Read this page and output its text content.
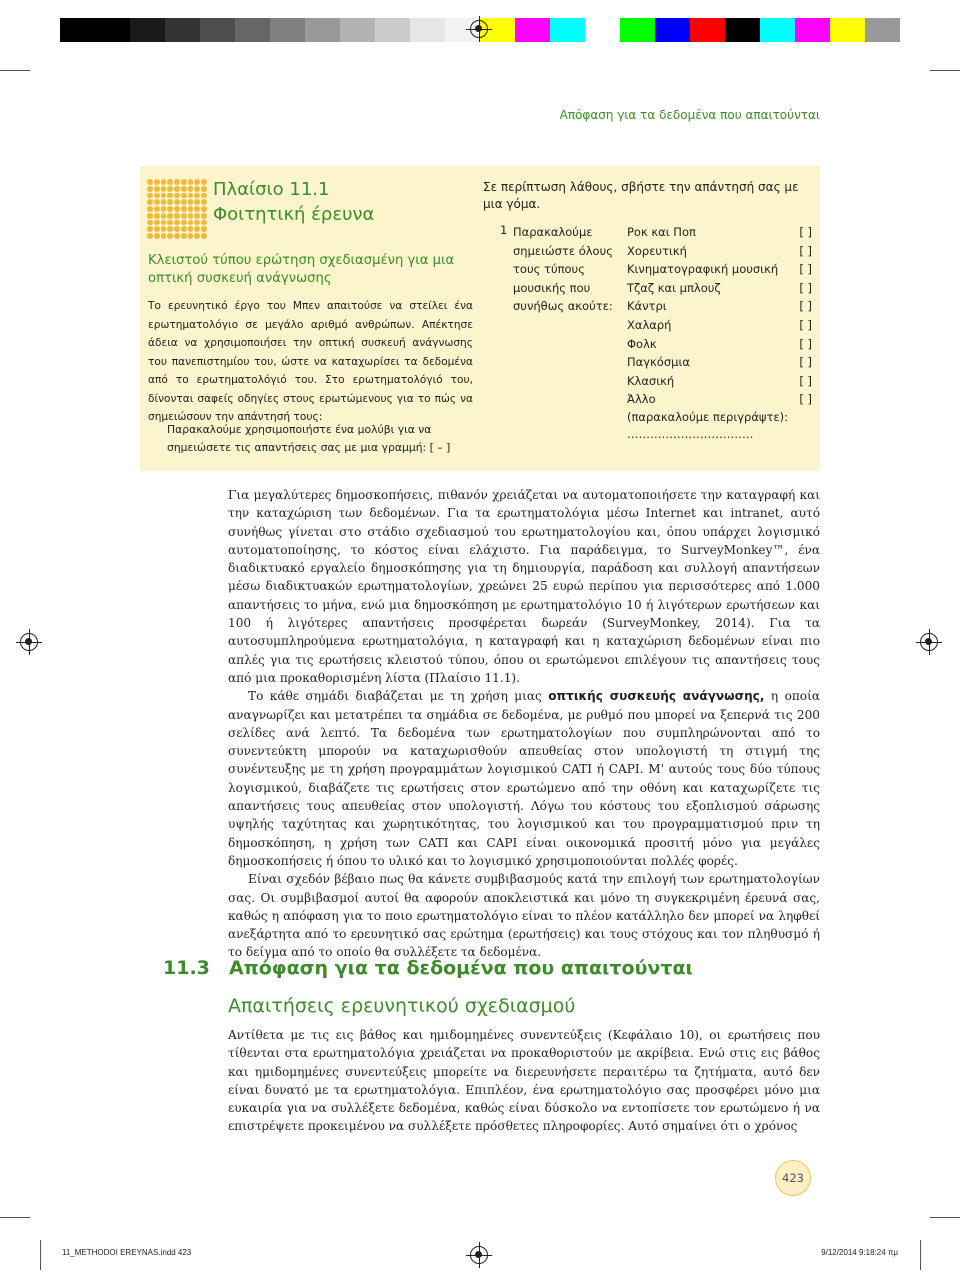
Απόφαση για τα δεδομένα που απαιτούνται
Πλαίσιο 11.1
Φοιτητική έρευνα
Κλειστού τύπου ερώτηση σχεδιασμένη για μια οπτική συσκευή ανάγνωσης
Το ερευνητικό έργο του Μπεν απαιτούσε να στείλει ένα ερωτηματολόγιο σε μεγάλο αριθμό ανθρώπων. Απέκτησε άδεια να χρησιμοποιήσει την οπτική συσκευή ανάγνωσης του πανεπιστημίου του, ώστε να καταχωρίσει τα δεδομένα από το ερωτηματολόγιό του. Στο ερωτηματολόγιό του, δίνονται σαφείς οδηγίες στους ερωτώμενους για το πώς να σημειώσουν την απάντησή τους:
Παρακαλούμε χρησιμοποιήστε ένα μολύβι για να σημειώσετε τις απαντήσεις σας με μια γραμμή: [ – ]
Σε περίπτωση λάθους, σβήστε την απάντησή σας με μια γόμα.
1 Παρακαλούμε σημειώστε όλους τους τύπους μουσικής που συνήθως ακούτε:
Ροκ και Ποπ	[ ]
Χορευτική	[ ]
Κινηματογραφική μουσική [ ]
Τζαζ και μπλουζ	[ ]
Κάντρι	[ ]
Χαλαρή	[ ]
Φολκ	[ ]
Παγκόσμια	[ ]
Κλασική	[ ]
Άλλο	[ ]
(παρακαλούμε περιγράψτε):
……………………………

Για μεγαλύτερες δημοσκοπήσεις, πιθανόν χρειάζεται να αυτοματοποιήσετε την καταγραφή και την καταχώριση των δεδομένων. Για τα ερωτηματολόγια μέσω Internet και intranet, αυτό συνήθως γίνεται στο στάδιο σχεδιασμού του ερωτηματολογίου και, όπου υπάρχει λογισμικό αυτοματοποίησης, το κόστος είναι ελάχιστο. Για παράδειγμα, το SurveyMonkey™, ένα διαδικτυακό εργαλείο δημοσκόπησης για τη δημιουργία, παράδοση και συλλογή απαντήσεων μέσω διαδικτυακών ερωτηματολογίων, χρεώνει 25 ευρώ περίπου για περισσότερες από 1.000 απαντήσεις το μήνα, ενώ μια δημοσκόπηση με ερωτηματολόγιο 10 ή λιγότερων ερωτήσεων και 100 ή λιγότερες απαντήσεις προσφέρεται δωρεάν (SurveyMonkey, 2014). Για τα αυτοσυμπληρούμενα ερωτηματολόγια, η καταγραφή και η καταχώριση δεδομένων είναι πιο απλές για τις ερωτήσεις κλειστού τύπου, όπου οι ερωτώμενοι επιλέγουν τις απαντήσεις τους από μια προκαθορισμένη λίστα (Πλαίσιο 11.1).

Το κάθε σημάδι διαβάζεται με τη χρήση μιας οπτικής συσκευής ανάγνωσης, η οποία αναγνωρίζει και μετατρέπει τα σημάδια σε δεδομένα, με ρυθμό που μπορεί να ξεπερνά τις 200 σελίδες ανά λεπτό. Τα δεδομένα των ερωτηματολογίων που συμπληρώνονται από το συνεντεύκτη μπορούν να καταχωρισθούν απευθείας στον υπολογιστή τη στιγμή της συνέντευξης με τη χρήση προγραμμάτων λογισμικού CATI ή CAPI. Μ' αυτούς τους δύο τύπους λογισμικού, διαβάζετε τις ερωτήσεις στον ερωτώμενο από την οθόνη και καταχωρίζετε τις απαντήσεις τους απευθείας στον υπολογιστή. Λόγω του κόστους του εξοπλισμού σάρωσης υψηλής ταχύτητας και χωρητικότητας, του λογισμικού και του προγραμματισμού πριν τη δημοσκόπηση, η χρήση των CATI και CAPI είναι οικονομικά προσιτή μόνο για μεγάλες δημοσκοπήσεις ή όπου το υλικό και το λογισμικό χρησιμοποιούνται πολλές φορές.

Είναι σχεδόν βέβαιο πως θα κάνετε συμβιβασμούς κατά την επιλογή των ερωτηματολογίων σας. Οι συμβιβασμοί αυτοί θα αφορούν αποκλειστικά και μόνο τη συγκεκριμένη έρευνά σας, καθώς η απόφαση για το ποιο ερωτηματολόγιο είναι το πλέον κατάλληλο δεν μπορεί να ληφθεί ανεξάρτητα από το ερευνητικό σας ερώτημα (ερωτήσεις) και τους στόχους και τον πληθυσμό ή το δείγμα από το οποίο θα συλλέξετε τα δεδομένα.

11.3 Απόφαση για τα δεδομένα που απαιτούνται
Απαιτήσεις ερευνητικού σχεδιασμού

Αντίθετα με τις εις βάθος και ημιδομημένες συνεντεύξεις (Κεφάλαιο 10), οι ερωτήσεις που τίθενται στα ερωτηματολόγια χρειάζεται να προκαθοριστούν με ακρίβεια. Ενώ στις εις βάθος και ημιδομημένες συνεντεύξεις μπορείτε να διερευνήσετε περαιτέρω τα ζητήματα, αυτό δεν είναι δυνατό με τα ερωτηματολόγια. Επιπλέον, ένα ερωτηματολόγιο σας προσφέρει μόνο μια ευκαιρία για να συλλέξετε δεδομένα, καθώς είναι δύσκολο να εντοπίσετε τον ερωτώμενο ή να επιστρέψετε προκειμένου να συλλέξετε πρόσθετες πληροφορίες. Αυτό σημαίνει ότι ο χρόνος

423
11_METHODOI EREYNAS.indd 423	9/12/2014 9:18:24 πμ
